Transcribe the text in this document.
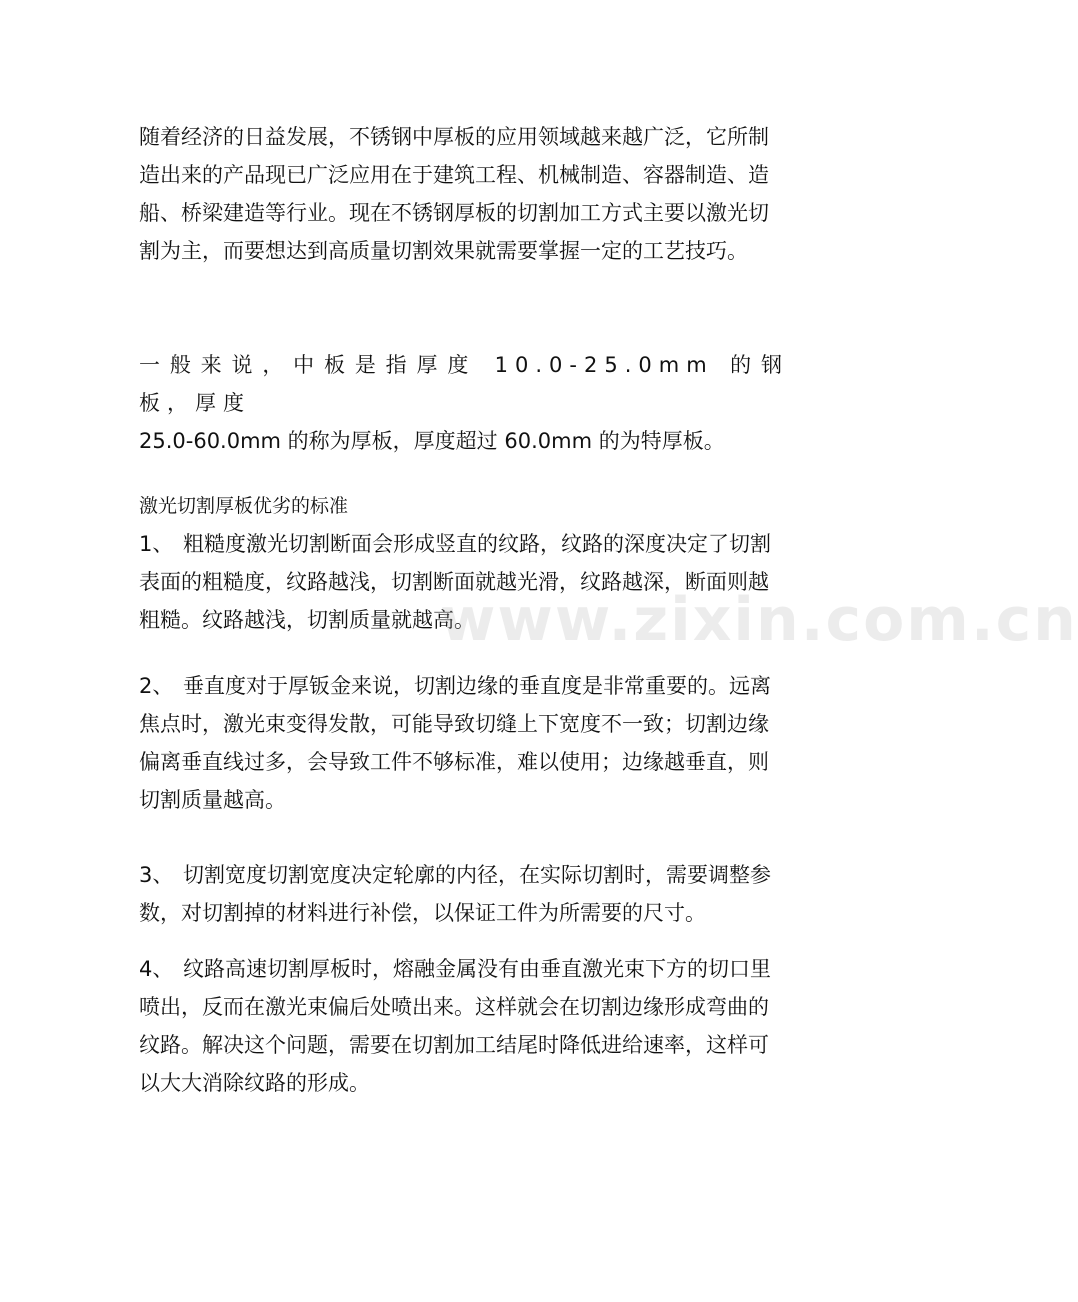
随着经济的日益发展，不锈钢中厚板的应用领域越来越广泛，它所制造出来的产品现已广泛应用在于建筑工程、机械制造、容器制造、造船、桥梁建造等行业。现在不锈钢厚板的切割加工方式主要以激光切割为主，而要想达到高质量切割效果就需要掌握一定的工艺技巧。

一般来说，中板是指厚度 10.0-25.0mm 的钢板，厚度
25.0-60.0mm 的称为厚板，厚度超过 60.0mm 的为特厚板。

激光切割厚板优劣的标准

1、 粗糙度激光切割断面会形成竖直的纹路，纹路的深度决定了切割表面的粗糙度，纹路越浅，切割断面就越光滑，纹路越深，断面则越粗糙。纹路越浅，切割质量就越高。

2、 垂直度对于厚钣金来说，切割边缘的垂直度是非常重要的。远离焦点时，激光束变得发散，可能导致切缝上下宽度不一致；切割边缘偏离垂直线过多，会导致工件不够标准，难以使用；边缘越垂直，则切割质量越高。

3、 切割宽度切割宽度决定轮廓的内径，在实际切割时，需要调整参数，对切割掉的材料进行补偿，以保证工件为所需要的尺寸。

4、 纹路高速切割厚板时，熔融金属没有由垂直激光束下方的切口里喷出，反而在激光束偏后处喷出来。这样就会在切割边缘形成弯曲的纹路。解决这个问题，需要在切割加工结尾时降低进给速率，这样可以大大消除纹路的形成。

www.zixin.com.cn
